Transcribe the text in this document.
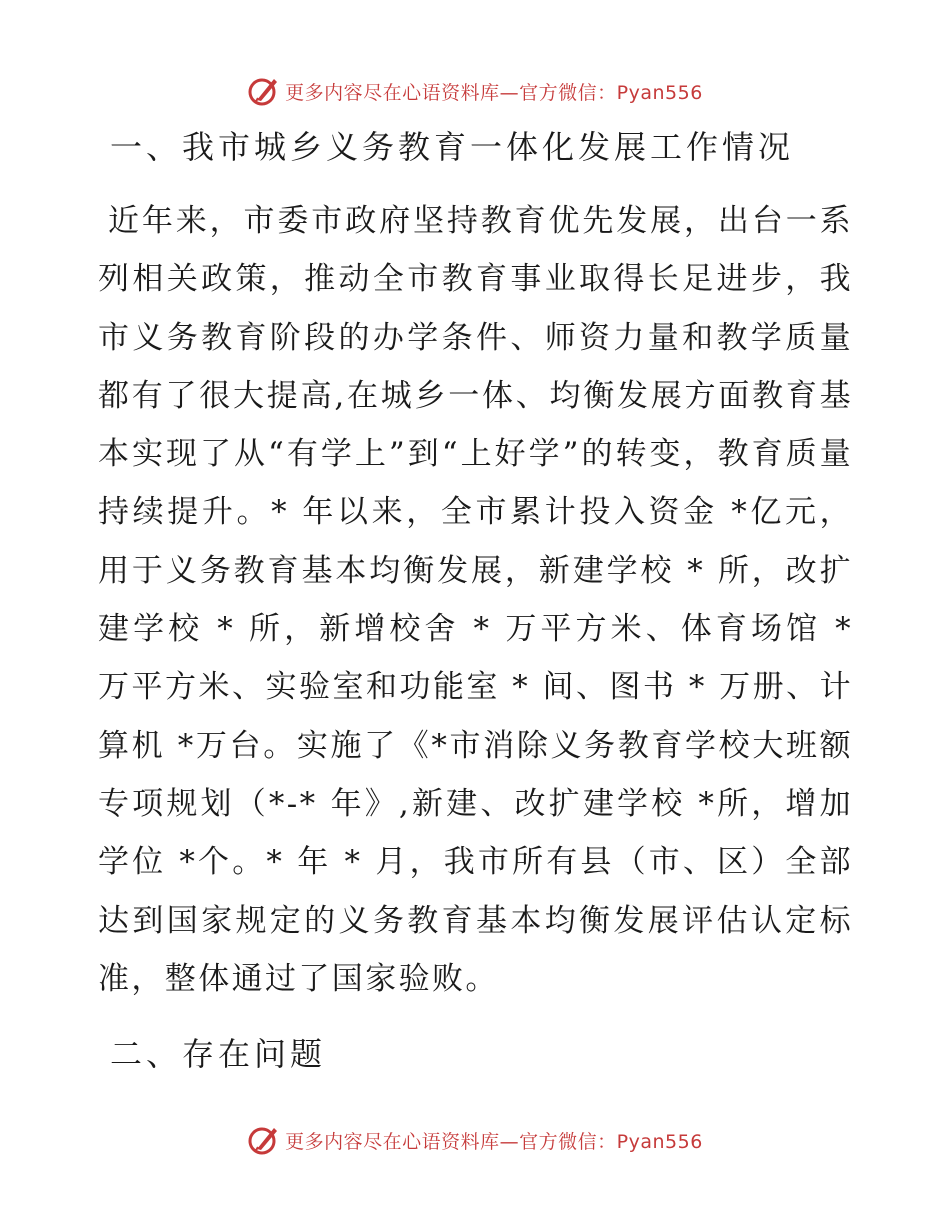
更多内容尽在心语资料库—官方微信：Pyan556
一、我市城乡义务教育一体化发展工作情况

近年来，市委市政府坚持教育优先发展，出台一系列相关政策，推动全市教育事业取得长足进步，我市义务教育阶段的办学条件、师资力量和教学质量都有了很大提高,在城乡一体、均衡发展方面教育基本实现了从“有学上”到“上好学”的转变，教育质量持续提升。* 年以来，全市累计投入资金 *亿元，用于义务教育基本均衡发展，新建学校 * 所，改扩建学校 * 所，新增校舍 * 万平方米、体育场馆 * 万平方米、实验室和功能室 * 间、图书 * 万册、计算机 *万台。实施了《*市消除义务教育学校大班额专项规划（*-* 年》,新建、改扩建学校 *所，增加学位 *个。* 年 * 月，我市所有县（市、区）全部达到国家规定的义务教育基本均衡发展评估认定标准，整体通过了国家验败。

二、存在问题
更多内容尽在心语资料库—官方微信：Pyan556
